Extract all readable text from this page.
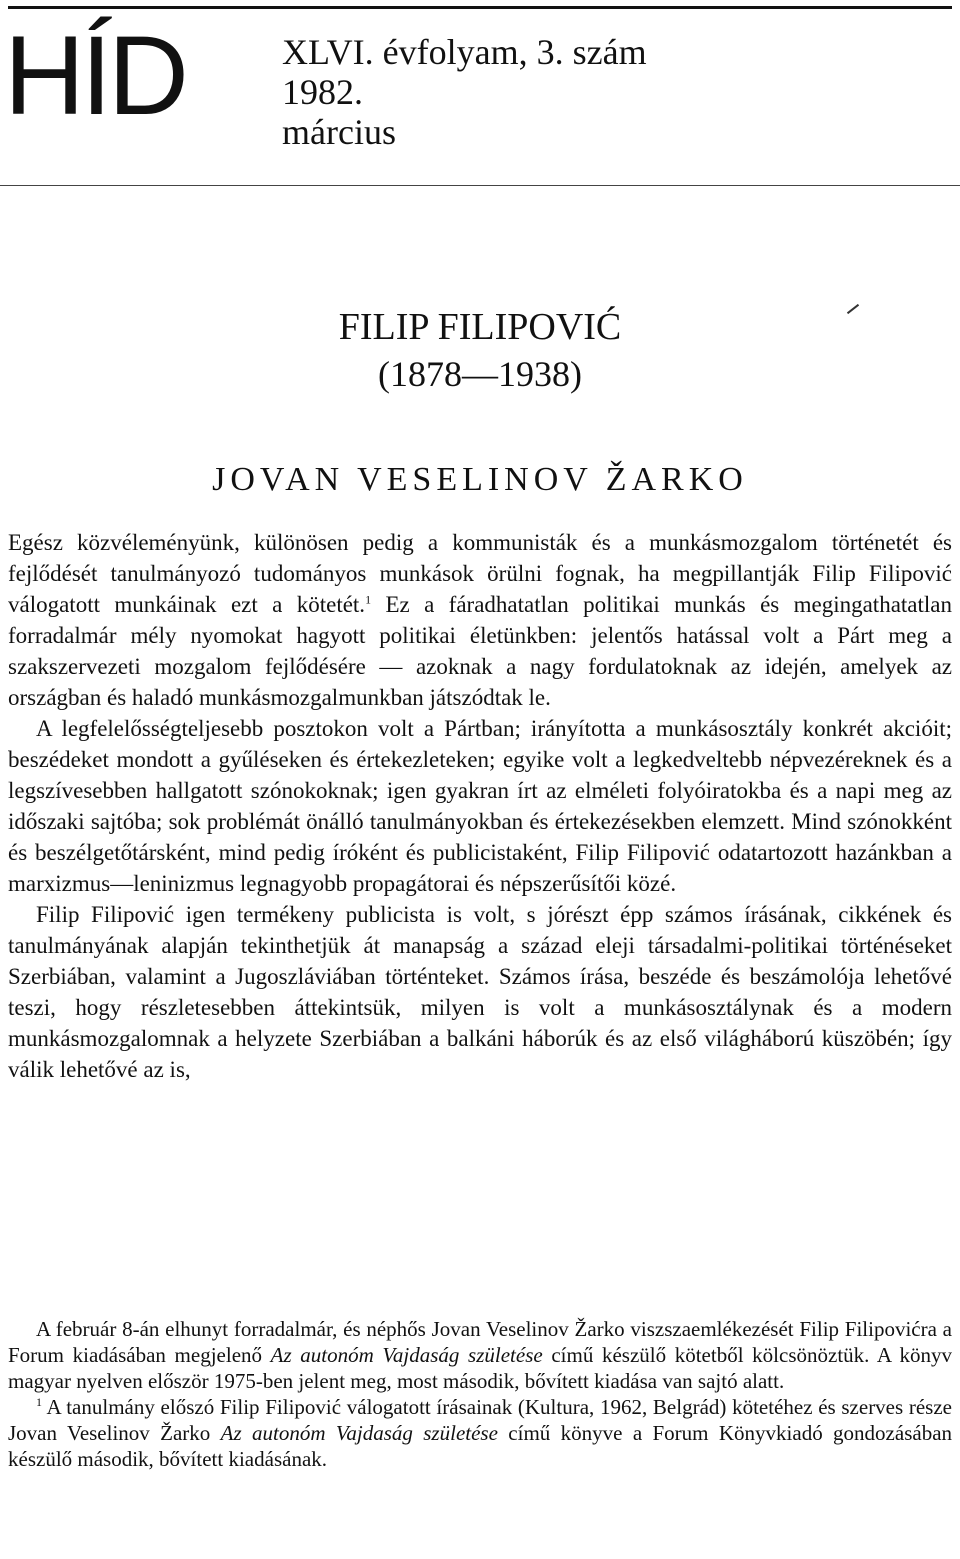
HÍD	XLVI. évfolyam, 3. szám
1982.
március
FILIP FILIPOVIĆ
(1878—1938)
JOVAN VESELINOV ŽARKO

Egész közvéleményünk, különösen pedig a kommunisták és a munkásmozgalom történetét és fejlődését tanulmányozó tudományos munkások örülni fognak, ha megpillantják Filip Filipović válogatott munkáinak ezt a kötetét.$^1$ Ez a fáradhatatlan politikai munkás és megingathatatlan forradalmár mély nyomokat hagyott politikai életünkben: jelentős hatással volt a Párt meg a szakszervezeti mozgalom fejlődésére — azoknak a nagy fordulatoknak az idején, amelyek az országban és haladó munkásmozgalmunkban játszódtak le.

A legfelelősségteljesebb posztokon volt a Pártban; irányította a munkásosztály konkrét akcióit; beszédeket mondott a gyűléseken és értekezleteken; egyike volt a legkedveltebb népvezéreknek és a legszívesebben hallgatott szónokoknak; igen gyakran írt az elméleti folyóiratokba és a napi meg az időszaki sajtóba; sok problémát önálló tanulmányokban és értekezésekben elemzett. Mind szónokként és beszélgetőtársként, mind pedig íróként és publicistaként, Filip Filipović odatartozott hazánkban a marxizmus—leninizmus legnagyobb propagátorai és népszerűsítői közé.

Filip Filipović igen termékeny publicista is volt, s jórészt épp számos írásának, cikkének és tanulmányának alapján tekinthetjük át manapság a század eleji társadalmi-politikai történéseket Szerbiában, valamint a Jugoszláviában történteket. Számos írása, beszéde és beszámolója lehetővé teszi, hogy részletesebben áttekintsük, milyen is volt a munkásosztálynak és a modern munkásmozgalomnak a helyzete Szerbiában a balkáni háborúk és az első világháború küszöbén; így válik lehetővé az is,

A február 8-án elhunyt forradalmár, és néphős Jovan Veselinov Žarko viszszaemlékezését Filip Filipovićra a Forum kiadásában megjelenő Az autonóm Vajdaság születése című készülő kötetből kölcsönöztük. A könyv magyar nyelven először 1975-ben jelent meg, most második, bővített kiadása van sajtó alatt.

$^1$ A tanulmány előszó Filip Filipović válogatott írásainak (Kultura, 1962, Belgrád) kötetéhez és szerves része Jovan Veselinov Žarko Az autonóm Vajdaság születése című könyve a Forum Könyvkiadó gondozásában készülő második, bővített kiadásának.
